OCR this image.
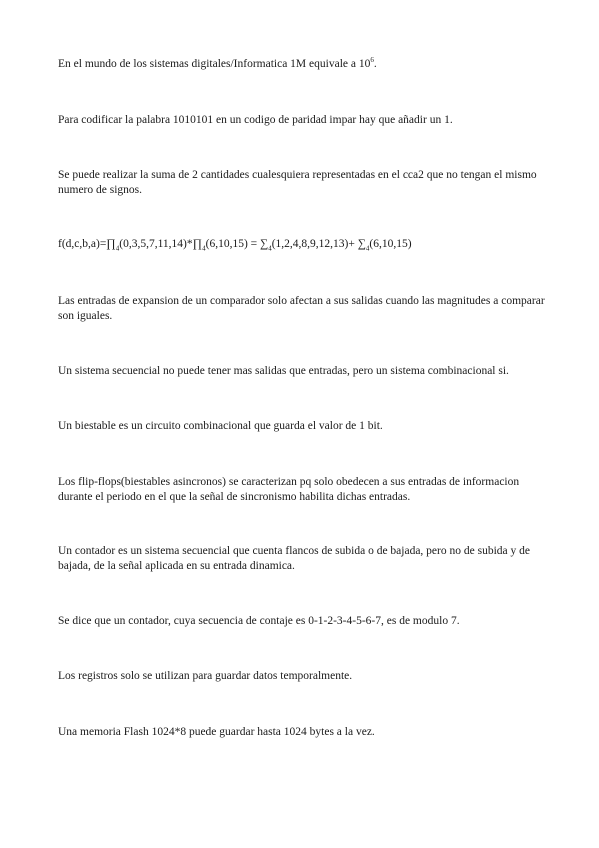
En el mundo de los sistemas digitales/Informatica 1M equivale a $10^6$.

Para codificar la palabra 1010101 en un codigo de paridad impar hay que añadir un 1.

Se puede realizar la suma de 2 cantidades cualesquiera representadas en el cca2 que no tengan el mismo numero de signos.

$f(d,c,b,a)=\prod_4(0,3,5,7,11,14)*\prod_4(6,10,15) = \sum_4(1,2,4,8,9,12,13)+ \sum_4(6,10,15)$

Las entradas de expansion de un comparador solo afectan a sus salidas cuando las magnitudes a comparar son iguales.

Un sistema secuencial no puede tener mas salidas que entradas, pero un sistema combinacional si.

Un biestable es un circuito combinacional que guarda el valor de 1 bit.

Los flip-flops(biestables asincronos) se caracterizan pq solo obedecen a sus entradas de informacion durante el periodo en el que la señal de sincronismo habilita dichas entradas.

Un contador es un sistema secuencial que cuenta flancos de subida o de bajada, pero no de subida y de bajada, de la señal aplicada en su entrada dinamica.

Se dice que un contador, cuya secuencia de contaje es 0-1-2-3-4-5-6-7, es de modulo 7.

Los registros solo se utilizan para guardar datos temporalmente.

Una memoria Flash 1024*8 puede guardar hasta 1024 bytes a la vez.
